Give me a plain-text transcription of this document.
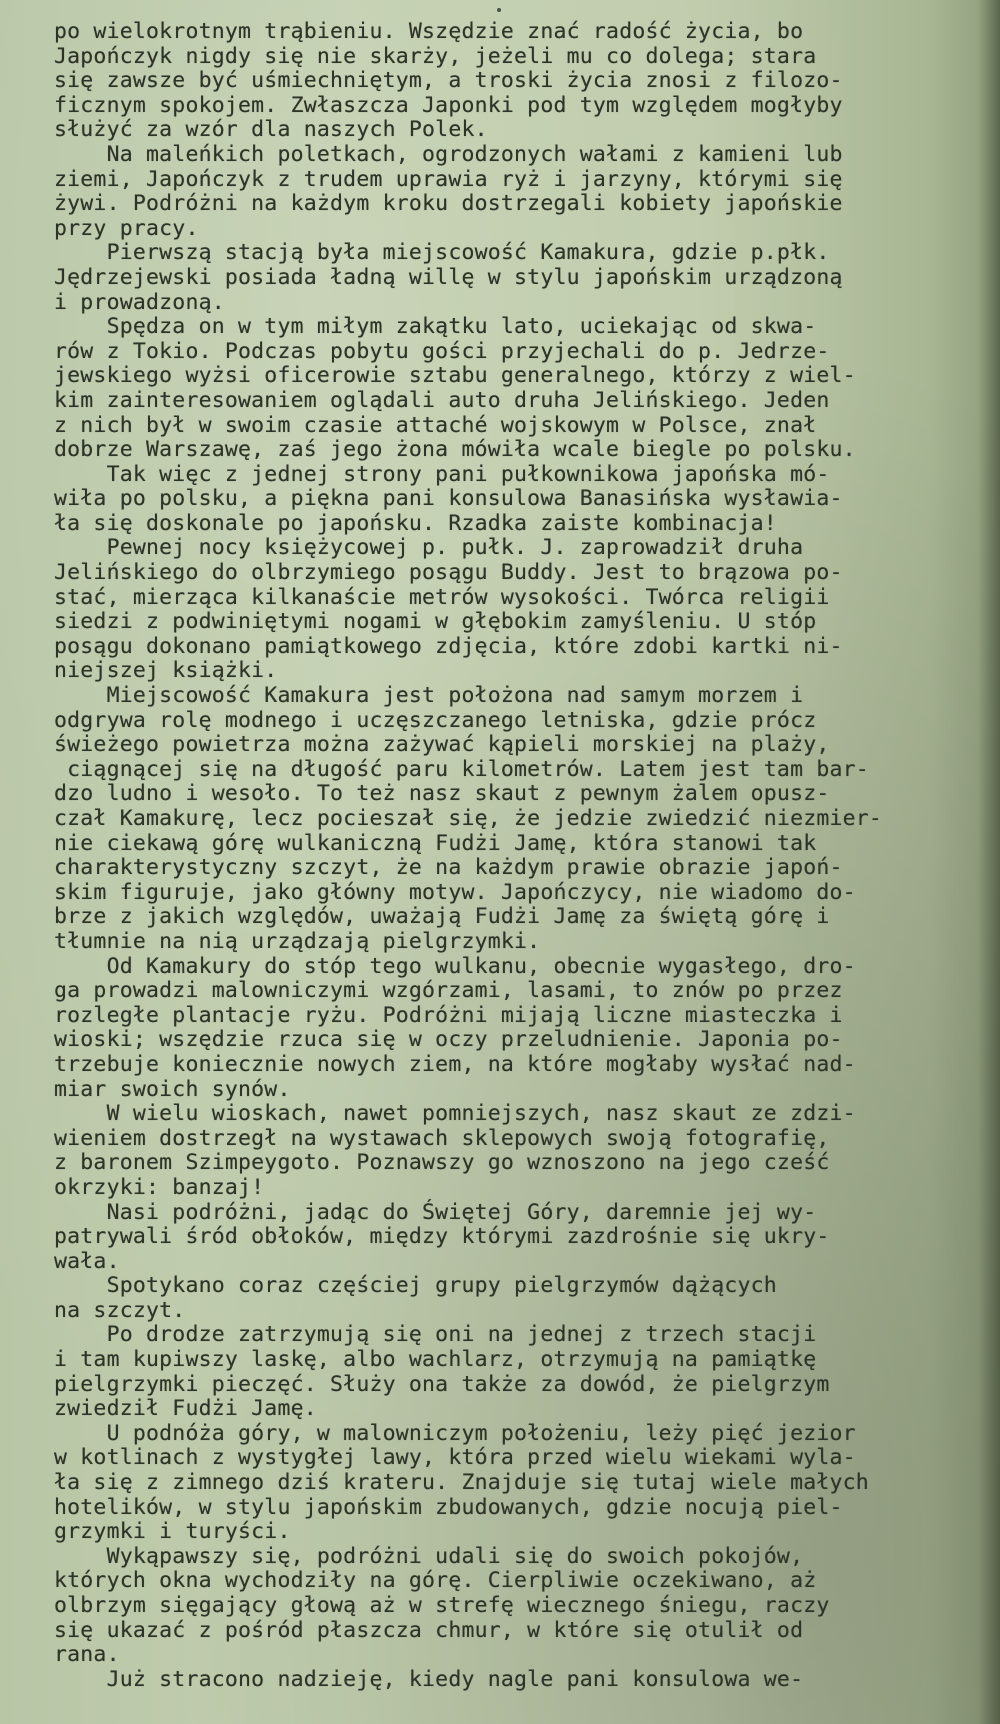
po wielokrotnym trąbieniu. Wszędzie znać radość życia, bo
Japończyk nigdy się nie skarży, jeżeli mu co dolega; stara
się zawsze być uśmiechniętym, a troski życia znosi z filozo-
ficznym spokojem. Zwłaszcza Japonki pod tym względem mogłyby
służyć za wzór dla naszych Polek.
Na maleńkich poletkach, ogrodzonych wałami z kamieni lub
ziemi, Japończyk z trudem uprawia ryż i jarzyny, którymi się
żywi. Podróżni na każdym kroku dostrzegali kobiety japońskie
przy pracy.
Pierwszą stacją była miejscowość Kamakura, gdzie p.płk.
Jędrzejewski posiada ładną willę w stylu japońskim urządzoną
i prowadzoną.
Spędza on w tym miłym zakątku lato, uciekając od skwa-
rów z Tokio. Podczas pobytu gości przyjechali do p. Jedrze-
jewskiego wyżsi oficerowie sztabu generalnego, którzy z wiel-
kim zainteresowaniem oglądali auto druha Jelińskiego. Jeden
z nich był w swoim czasie attaché wojskowym w Polsce, znał
dobrze Warszawę, zaś jego żona mówiła wcale biegle po polsku.
Tak więc z jednej strony pani pułkownikowa japońska mó-
wiła po polsku, a piękna pani konsulowa Banasińska wysławia-
ła się doskonale po japońsku. Rzadka zaiste kombinacja!
Pewnej nocy księżycowej p. pułk. J. zaprowadził druha
Jelińskiego do olbrzymiego posągu Buddy. Jest to brązowa po-
stać, mierząca kilkanaście metrów wysokości. Twórca religii
siedzi z podwiniętymi nogami w głębokim zamyśleniu. U stóp
posągu dokonano pamiątkowego zdjęcia, które zdobi kartki ni-
niejszej książki.
Miejscowość Kamakura jest położona nad samym morzem i
odgrywa rolę modnego i uczęszczanego letniska, gdzie prócz
świeżego powietrza można zażywać kąpieli morskiej na plaży,
ciągnącej się na długość paru kilometrów. Latem jest tam bar-
dzo ludno i wesoło. To też nasz skaut z pewnym żalem opusz-
czał Kamakurę, lecz pocieszał się, że jedzie zwiedzić niezmier-
nie ciekawą górę wulkaniczną Fudżi Jamę, która stanowi tak
charakterystyczny szczyt, że na każdym prawie obrazie japoń-
skim figuruje, jako główny motyw. Japończycy, nie wiadomo do-
brze z jakich względów, uważają Fudżi Jamę za świętą górę i
tłumnie na nią urządzają pielgrzymki.
Od Kamakury do stóp tego wulkanu, obecnie wygasłego, dro-
ga prowadzi malowniczymi wzgórzami, lasami, to znów po przez
rozległe plantacje ryżu. Podróżni mijają liczne miasteczka i
wioski; wszędzie rzuca się w oczy przeludnienie. Japonia po-
trzebuje koniecznie nowych ziem, na które mogłaby wysłać nad-
miar swoich synów.
W wielu wioskach, nawet pomniejszych, nasz skaut ze zdzi-
wieniem dostrzegł na wystawach sklepowych swoją fotografię,
z baronem Szimpeygoto. Poznawszy go wznoszono na jego cześć
okrzyki: banzaj!
Nasi podróżni, jadąc do Świętej Góry, daremnie jej wy-
patrywali śród obłoków, między którymi zazdrośnie się ukry-
wała.
Spotykano coraz częściej grupy pielgrzymów dążących
na szczyt.
Po drodze zatrzymują się oni na jednej z trzech stacji
i tam kupiwszy laskę, albo wachlarz, otrzymują na pamiątkę
pielgrzymki pieczęć. Służy ona także za dowód, że pielgrzym
zwiedził Fudżi Jamę.
U podnóża góry, w malowniczym położeniu, leży pięć jezior
w kotlinach z wystygłej lawy, która przed wielu wiekami wyla-
ła się z zimnego dziś krateru. Znajduje się tutaj wiele małych
hotelików, w stylu japońskim zbudowanych, gdzie nocują piel-
grzymki i turyści.
Wykąpawszy się, podróżni udali się do swoich pokojów,
których okna wychodziły na górę. Cierpliwie oczekiwano, aż
olbrzym sięgający głową aż w strefę wiecznego śniegu, raczy
się ukazać z pośród płaszcza chmur, w które się otulił od
rana.
Już stracono nadzieję, kiedy nagle pani konsulowa we-
